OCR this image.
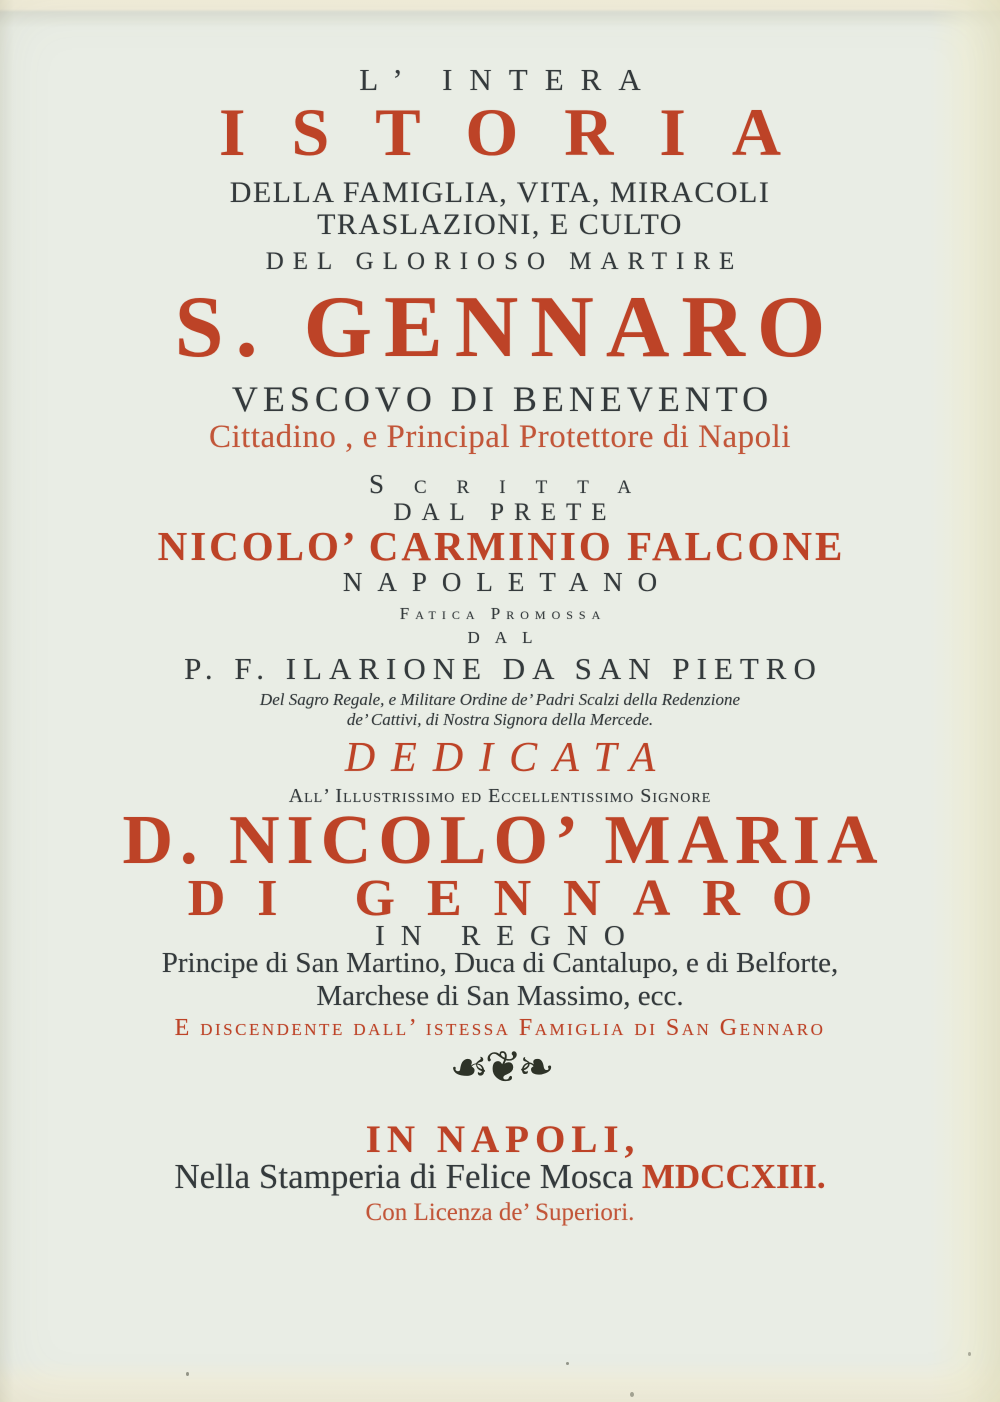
L’ INTERA
ISTORIA
DELLA FAMIGLIA, VITA, MIRACOLI
TRASLAZIONI, E CULTO
DEL GLORIOSO MARTIRE
S. GENNARO
VESCOVO DI BENEVENTO
Cittadino , e Principal Protettore di Napoli
Scritta
DAL PRETE
NICOLO’ CARMINIO FALCONE
NAPOLETANO
Fatica Promossa
DAL
P. F. ILARIONE DA SAN PIETRO
Del Sagro Regale, e Militare Ordine de’ Padri Scalzi della Redenzione
de’ Cattivi, di Nostra Signora della Mercede.
DEDICATA
All’ Illustrissimo ed Eccellentissimo Signore
D. NICOLO’ MARIA
DI GENNARO
IN REGNO
Principe di San Martino, Duca di Cantalupo, e di Belforte,
Marchese di San Massimo, ecc.
E discendente dall’ istessa Famiglia di San Gennaro
☙❦❧
IN NAPOLI,
Nella Stamperia di Felice Mosca MDCCXIII.
Con Licenza de’ Superiori.
